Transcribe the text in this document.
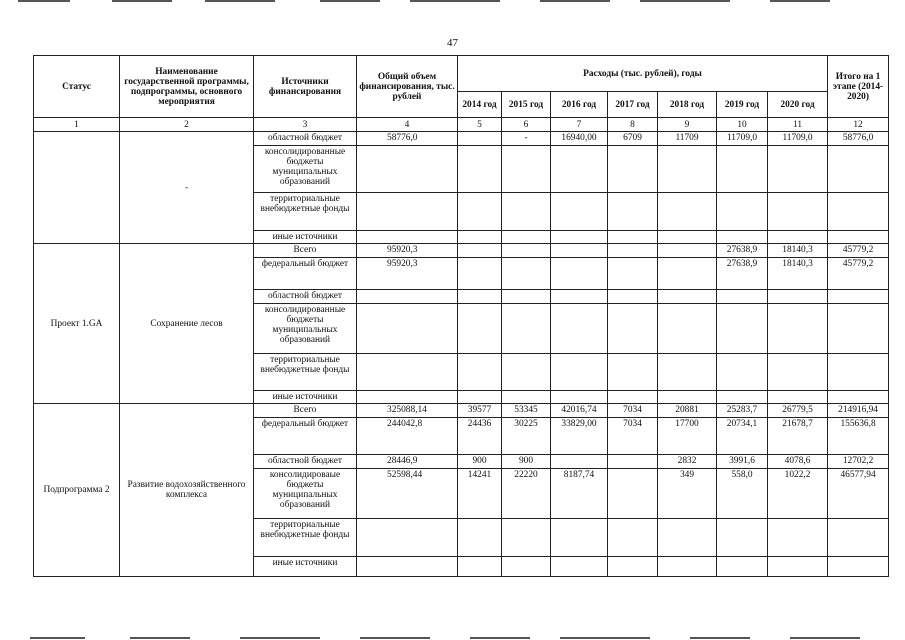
47
Статус	Наименование государственной программы, подпрограммы, основного мероприятия	Источники финансирования	Общий объем финансирования, тыс. рублей	Расходы (тыс. рублей), годы							Итого на 1 этапе (2014-2020)
				2014 год	2015 год	2016 год	2017 год	2018 год	2019 год	2020 год	
1	2	3	4	5	6	7	8	9	10	11	12
	-	областной бюджет	58776,0		-	16940,00	6709	11709	11709,0	11709,0	58776,0
		консолидированные бюджеты муниципальных образований									
		территориальные внебюджетные фонды									
		иные источники									
Проект 1.GA	Сохранение лесов	Всего	95920,3						27638,9	18140,3	45779,2
		федеральный бюджет	95920,3						27638,9	18140,3	45779,2
		областной бюджет									
		консолидированные бюджеты муниципальных образований									
		территориальные внебюджетные фонды									
		иные источники									
Подпрограмма 2	Развитие водохозяйственного комплекса	Всего	325088,14	39577	53345	42016,74	7034	20881	25283,7	26779,5	214916,94
		федеральный бюджет	244042,8	24436	30225	33829,00	7034	17700	20734,1	21678,7	155636,8
		областной бюджет	28446,9	900	900			2832	3991,6	4078,6	12702,2
		консолидироваые бюджеты муниципальных образований	52598,44	14241	22220	8187,74		349	558,0	1022,2	46577,94
		территориальные внебюджетные фонды									
		иные источники									
